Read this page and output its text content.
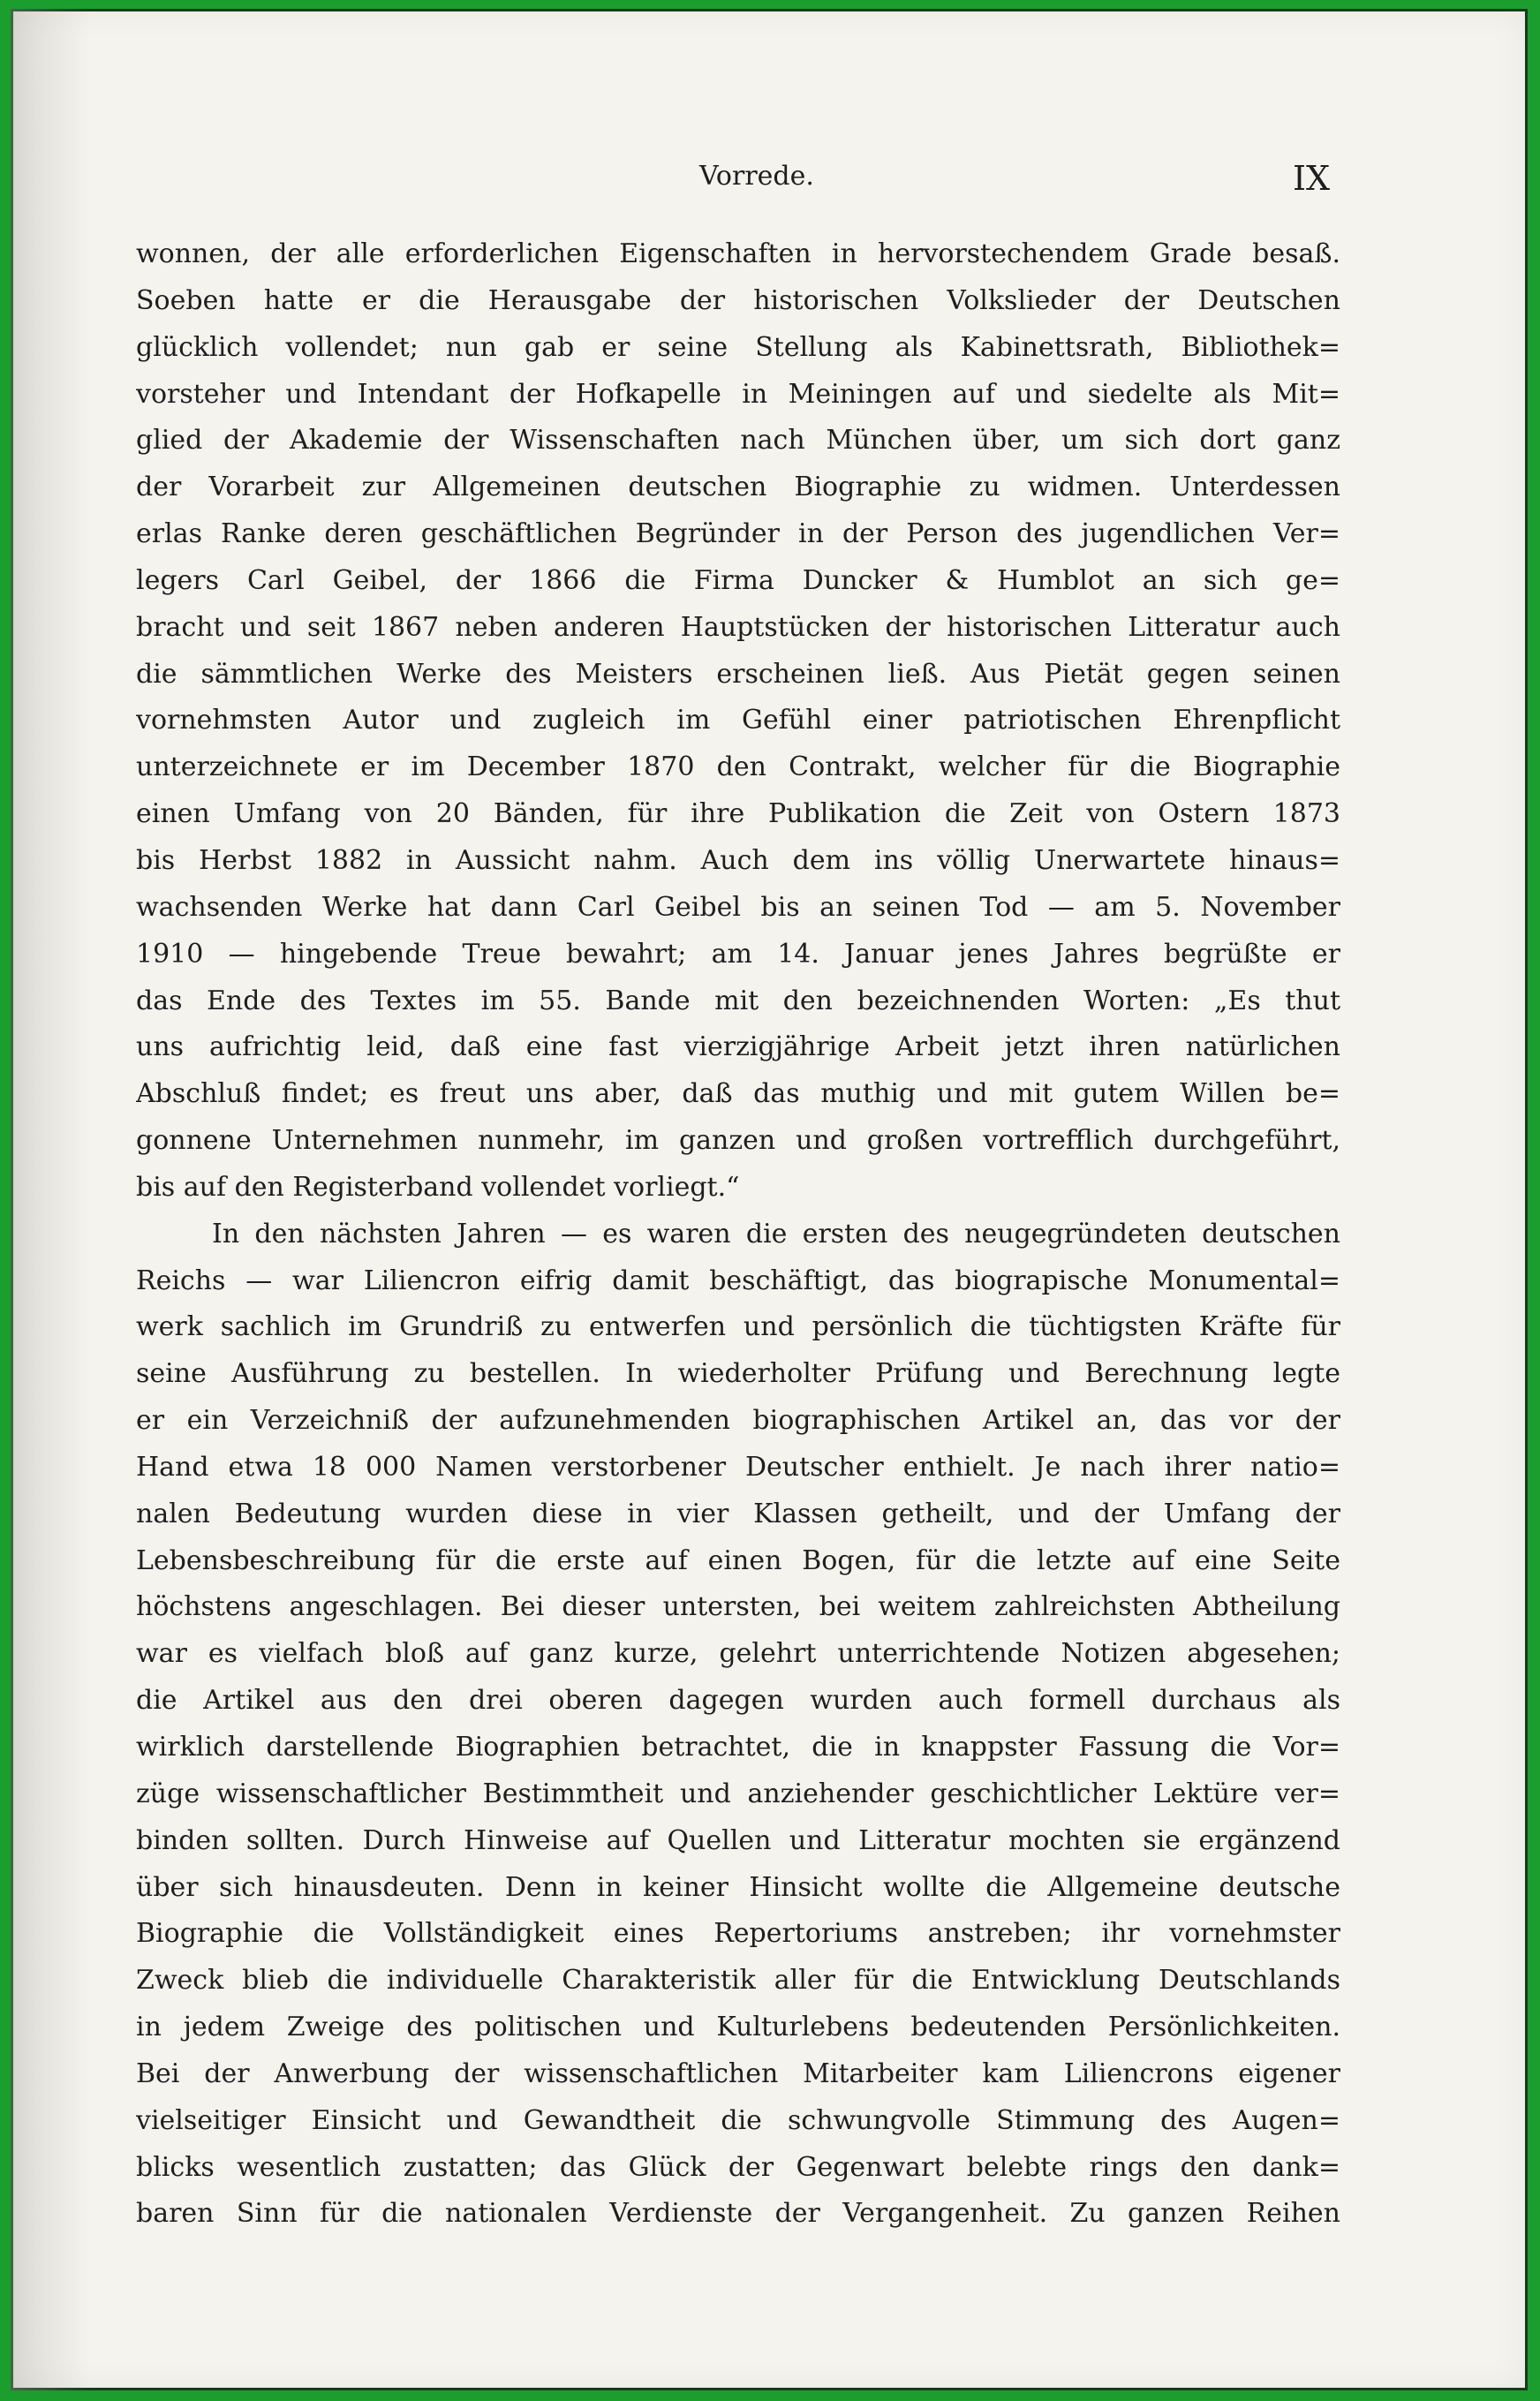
Vorrede.	IX
wonnen, der alle erforderlichen Eigenschaften in hervorstechendem Grade besaß.
Soeben hatte er die Herausgabe der historischen Volkslieder der Deutschen
glücklich vollendet; nun gab er seine Stellung als Kabinettsrath, Bibliothek=
vorsteher und Intendant der Hofkapelle in Meiningen auf und siedelte als Mit=
glied der Akademie der Wissenschaften nach München über, um sich dort ganz
der Vorarbeit zur Allgemeinen deutschen Biographie zu widmen. Unterdessen
erlas Ranke deren geschäftlichen Begründer in der Person des jugendlichen Ver=
legers Carl Geibel, der 1866 die Firma Duncker & Humblot an sich ge=
bracht und seit 1867 neben anderen Hauptstücken der historischen Litteratur auch
die sämmtlichen Werke des Meisters erscheinen ließ. Aus Pietät gegen seinen
vornehmsten Autor und zugleich im Gefühl einer patriotischen Ehrenpflicht
unterzeichnete er im December 1870 den Contrakt, welcher für die Biographie
einen Umfang von 20 Bänden, für ihre Publikation die Zeit von Ostern 1873
bis Herbst 1882 in Aussicht nahm. Auch dem ins völlig Unerwartete hinaus=
wachsenden Werke hat dann Carl Geibel bis an seinen Tod — am 5. November
1910 — hingebende Treue bewahrt; am 14. Januar jenes Jahres begrüßte er
das Ende des Textes im 55. Bande mit den bezeichnenden Worten: „Es thut
uns aufrichtig leid, daß eine fast vierzigjährige Arbeit jetzt ihren natürlichen
Abschluß findet; es freut uns aber, daß das muthig und mit gutem Willen be=
gonnene Unternehmen nunmehr, im ganzen und großen vortrefflich durchgeführt,
bis auf den Registerband vollendet vorliegt.“
In den nächsten Jahren — es waren die ersten des neugegründeten deutschen
Reichs — war Liliencron eifrig damit beschäftigt, das biograpische Monumental=
werk sachlich im Grundriß zu entwerfen und persönlich die tüchtigsten Kräfte für
seine Ausführung zu bestellen. In wiederholter Prüfung und Berechnung legte
er ein Verzeichniß der aufzunehmenden biographischen Artikel an, das vor der
Hand etwa 18 000 Namen verstorbener Deutscher enthielt. Je nach ihrer natio=
nalen Bedeutung wurden diese in vier Klassen getheilt, und der Umfang der
Lebensbeschreibung für die erste auf einen Bogen, für die letzte auf eine Seite
höchstens angeschlagen. Bei dieser untersten, bei weitem zahlreichsten Abtheilung
war es vielfach bloß auf ganz kurze, gelehrt unterrichtende Notizen abgesehen;
die Artikel aus den drei oberen dagegen wurden auch formell durchaus als
wirklich darstellende Biographien betrachtet, die in knappster Fassung die Vor=
züge wissenschaftlicher Bestimmtheit und anziehender geschichtlicher Lektüre ver=
binden sollten. Durch Hinweise auf Quellen und Litteratur mochten sie ergänzend
über sich hinausdeuten. Denn in keiner Hinsicht wollte die Allgemeine deutsche
Biographie die Vollständigkeit eines Repertoriums anstreben; ihr vornehmster
Zweck blieb die individuelle Charakteristik aller für die Entwicklung Deutschlands
in jedem Zweige des politischen und Kulturlebens bedeutenden Persönlichkeiten.
Bei der Anwerbung der wissenschaftlichen Mitarbeiter kam Liliencrons eigener
vielseitiger Einsicht und Gewandtheit die schwungvolle Stimmung des Augen=
blicks wesentlich zustatten; das Glück der Gegenwart belebte rings den dank=
baren Sinn für die nationalen Verdienste der Vergangenheit. Zu ganzen Reihen
